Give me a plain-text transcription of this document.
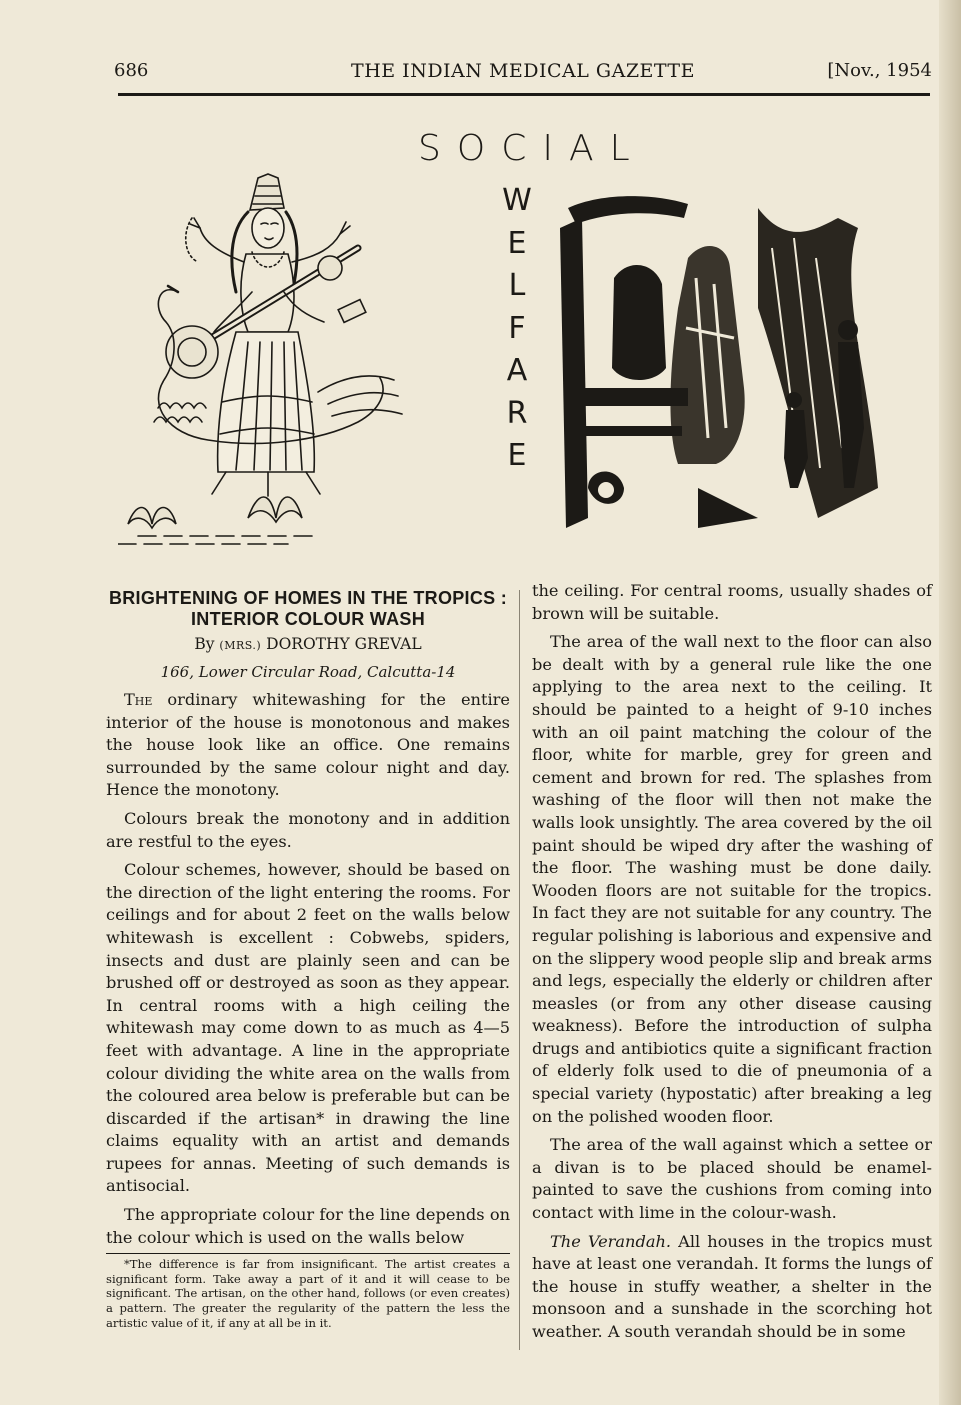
686	THE INDIAN MEDICAL GAZETTE	[Nov., 1954
SOCIAL
W
E
L
F
A
R
E
BRIGHTENING OF HOMES IN THE TROPICS : INTERIOR COLOUR WASH

By (MRS.) DOROTHY GREVAL

166, Lower Circular Road, Calcutta-14

The ordinary whitewashing for the entire interior of the house is monotonous and makes the house look like an office. One remains surrounded by the same colour night and day. Hence the monotony.

Colours break the monotony and in addition are restful to the eyes.

Colour schemes, however, should be based on the direction of the light entering the rooms. For ceilings and for about 2 feet on the walls below whitewash is excellent : Cobwebs, spiders, insects and dust are plainly seen and can be brushed off or destroyed as soon as they appear. In central rooms with a high ceiling the whitewash may come down to as much as 4—5 feet with advantage. A line in the appropriate colour dividing the white area on the walls from the coloured area below is preferable but can be discarded if the artisan* in drawing the line claims equality with an artist and demands rupees for annas. Meeting of such demands is antisocial.

The appropriate colour for the line depends on the colour which is used on the walls below

*The difference is far from insignificant. The artist creates a significant form. Take away a part of it and it will cease to be significant. The artisan, on the other hand, follows (or even creates) a pattern. The greater the regularity of the pattern the less the artistic value of it, if any at all be in it.

the ceiling. For central rooms, usually shades of brown will be suitable.

The area of the wall next to the floor can also be dealt with by a general rule like the one applying to the area next to the ceiling. It should be painted to a height of 9-10 inches with an oil paint matching the colour of the floor, white for marble, grey for green and cement and brown for red. The splashes from washing of the floor will then not make the walls look unsightly. The area covered by the oil paint should be wiped dry after the washing of the floor. The washing must be done daily. Wooden floors are not suitable for the tropics. In fact they are not suitable for any country. The regular polishing is laborious and expensive and on the slippery wood people slip and break arms and legs, especially the elderly or children after measles (or from any other disease causing weakness). Before the introduction of sulpha drugs and antibiotics quite a significant fraction of elderly folk used to die of pneumonia of a special variety (hypostatic) after breaking a leg on the polished wooden floor.

The area of the wall against which a settee or a divan is to be placed should be enamel-painted to save the cushions from coming into contact with lime in the colour-wash.

The Verandah. All houses in the tropics must have at least one verandah. It forms the lungs of the house in stuffy weather, a shelter in the monsoon and a sunshade in the scorching hot weather. A south verandah should be in some
